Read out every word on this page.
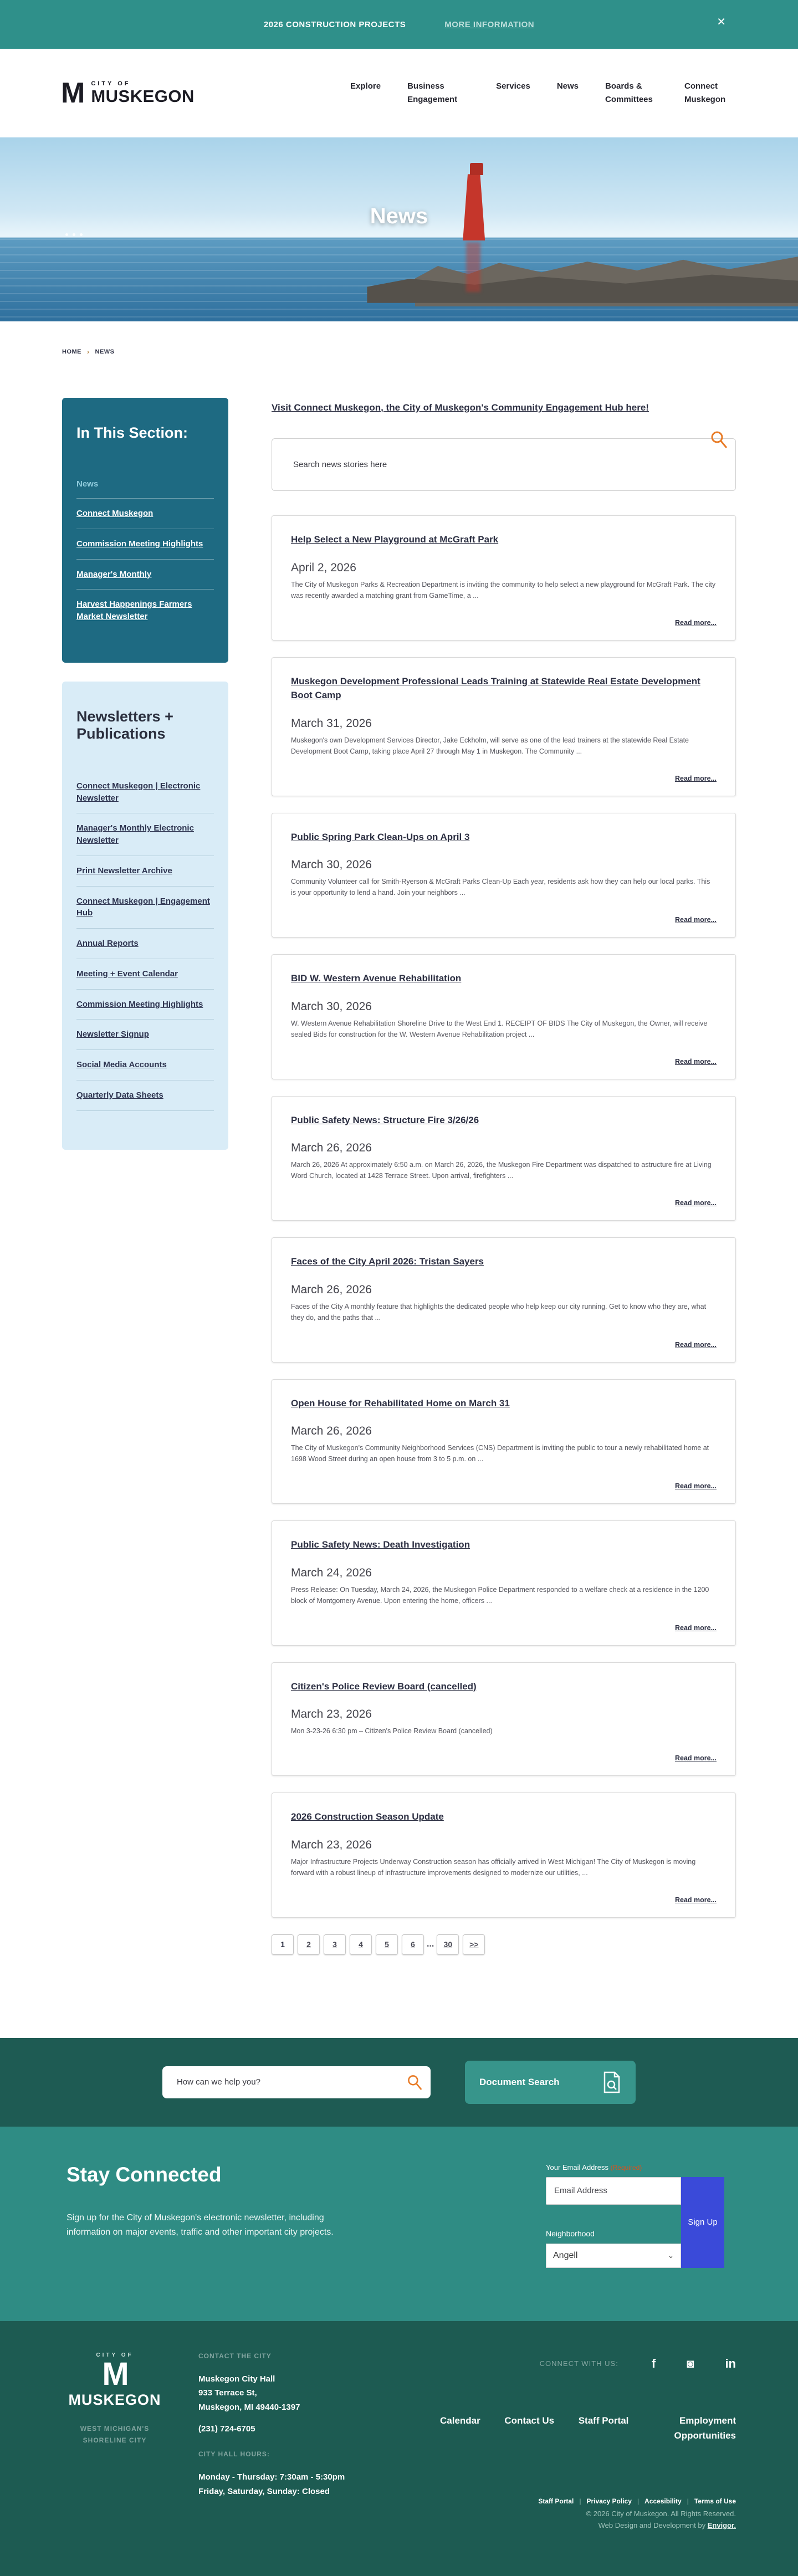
2026 CONSTRUCTION PROJECTS	MORE INFORMATION	✕
M CITY OF
MUSKEGON
Explore	Business Engagement
Services	News	Boards & Committees
Connect Muskegon
News
HOME › NEWS
In This Section:
News
Connect Muskegon
Commission Meeting Highlights
Manager's Monthly
Harvest Happenings Farmers Market Newsletter
Newsletters + Publications
Connect Muskegon | Electronic Newsletter
Manager's Monthly Electronic Newsletter
Print Newsletter Archive
Connect Muskegon | Engagement Hub
Annual Reports
Meeting + Event Calendar
Commission Meeting Highlights
Newsletter Signup
Social Media Accounts
Quarterly Data Sheets
Visit Connect Muskegon, the City of Muskegon's Community Engagement Hub here!
Search news stories here
Help Select a New Playground at McGraft Park
April 2, 2026
The City of Muskegon Parks & Recreation Department is inviting the community to help select a new playground for McGraft Park. The city was recently awarded a matching grant from GameTime, a ...
Read more...
Muskegon Development Professional Leads Training at Statewide Real Estate Development Boot Camp
March 31, 2026
Muskegon's own Development Services Director, Jake Eckholm, will serve as one of the lead trainers at the statewide Real Estate Development Boot Camp, taking place April 27 through May 1 in Muskegon. The Community ...
Read more...
Public Spring Park Clean-Ups on April 3
March 30, 2026
Community Volunteer call for Smith-Ryerson & McGraft Parks Clean-Up Each year, residents ask how they can help our local parks. This is your opportunity to lend a hand. Join your neighbors ...
Read more...
BID W. Western Avenue Rehabilitation
March 30, 2026
W. Western Avenue Rehabilitation Shoreline Drive to the West End 1. RECEIPT OF BIDS The City of Muskegon, the Owner, will receive sealed Bids for construction for the W. Western Avenue Rehabilitation project ...
Read more...
Public Safety News: Structure Fire 3/26/26
March 26, 2026
March 26, 2026 At approximately 6:50 a.m. on March 26, 2026, the Muskegon Fire Department was dispatched to astructure fire at Living Word Church, located at 1428 Terrace Street. Upon arrival, firefighters ...
Read more...
Faces of the City April 2026: Tristan Sayers
March 26, 2026
Faces of the City A monthly feature that highlights the dedicated people who help keep our city running. Get to know who they are, what they do, and the paths that ...
Read more...
Open House for Rehabilitated Home on March 31
March 26, 2026
The City of Muskegon's Community Neighborhood Services (CNS) Department is inviting the public to tour a newly rehabilitated home at 1698 Wood Street during an open house from 3 to 5 p.m. on ...
Read more...
Public Safety News: Death Investigation
March 24, 2026
Press Release: On Tuesday, March 24, 2026, the Muskegon Police Department responded to a welfare check at a residence in the 1200 block of Montgomery Avenue. Upon entering the home, officers ...
Read more...
Citizen's Police Review Board (cancelled)
March 23, 2026
Mon 3-23-26 6:30 pm – Citizen's Police Review Board (cancelled)
Read more...
2026 Construction Season Update
March 23, 2026
Major Infrastructure Projects Underway Construction season has officially arrived in West Michigan! The City of Muskegon is moving forward with a robust lineup of infrastructure improvements designed to modernize our utilities, ...
Read more...
1	2	3	4	5	6	...	30	>>
How can we help you?
Document Search
Stay Connected

Sign up for the City of Muskegon's electronic newsletter, including information on major events, traffic and other important city projects.

Your Email Address (Required)
Email Address
Neighborhood
Angell	⌄
Sign Up
CITY OF
M
MUSKEGON
WEST MICHIGAN'S
SHORELINE CITY
CONTACT THE CITY
Muskegon City Hall
933 Terrace St,
Muskegon, MI 49440-1397
(231) 724-6705
CITY HALL HOURS:
Monday - Thursday: 7:30am - 5:30pm
Friday, Saturday, Sunday: Closed
CONNECT WITH US:	f	◙	in
Calendar	Contact Us	Staff Portal	Employment Opportunities
Staff Portal	| Privacy Policy	| Accesibility	| Terms of Use
© 2026 City of Muskegon. All Rights Reserved.
Web Design and Development by Envigor.
